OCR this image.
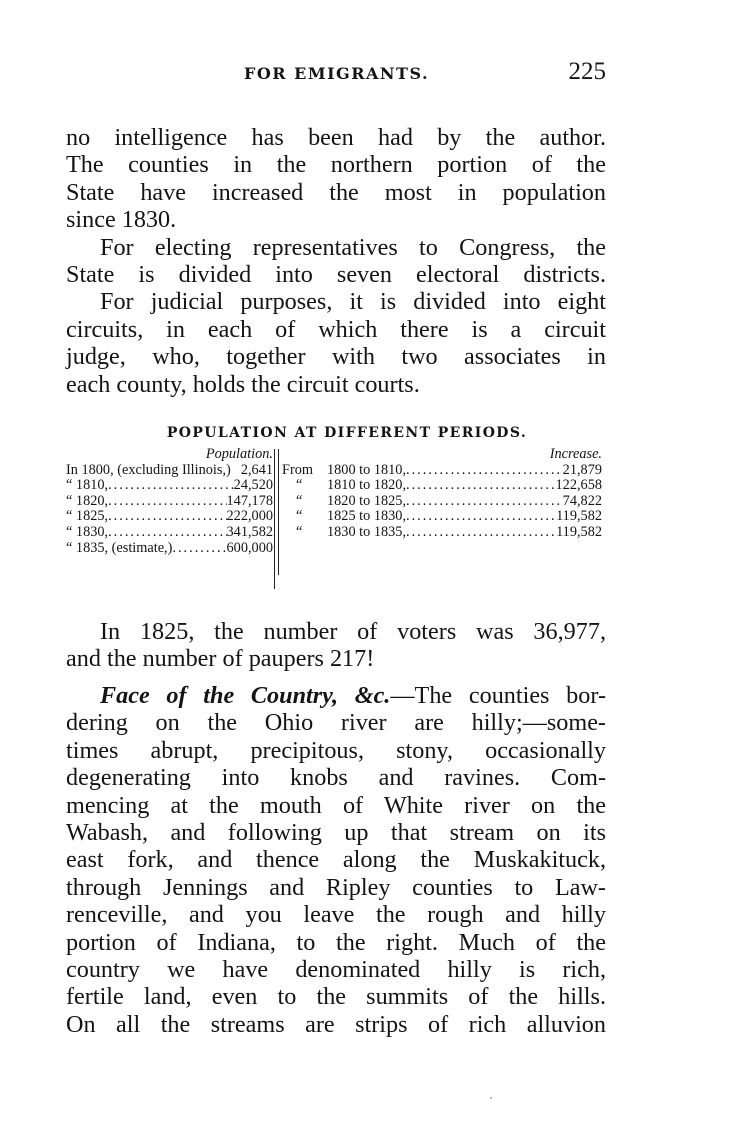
FOR EMIGRANTS.	225

no intelligence has been had by the author.
The counties in the northern portion of the
State have increased the most in population
since 1830.

For electing representatives to Congress, the
State is divided into seven electoral districts.

For judicial purposes, it is divided into eight
circuits, in each of which there is a circuit
judge, who, together with two associates in
each county, holds the circuit courts.

POPULATION AT DIFFERENT PERIODS.
Population.
In 1800, (excluding Illinois,) 2,641
“ 1810, .....	24,520
“ 1820, .....	147,178
“ 1825, .....	222,000
“ 1830, .....	341,582
“ 1835, (estimate,) .....	600,000
Increase.
From 1800 to 1810, .....	21,879
“ 1810 to 1820, .....	122,658
“ 1820 to 1825, .....	74,822
“ 1825 to 1830, .....	119,582
“ 1830 to 1835, .....	119,582

In 1825, the number of voters was 36,977,
and the number of paupers 217!

Face of the Country, &c.—The counties bor-
dering on the Ohio river are hilly;—some-
times abrupt, precipitous, stony, occasionally
degenerating into knobs and ravines. Com-
mencing at the mouth of White river on the
Wabash, and following up that stream on its
east fork, and thence along the Muskakituck,
through Jennings and Ripley counties to Law-
renceville, and you leave the rough and hilly
portion of Indiana, to the right. Much of the
country we have denominated hilly is rich,
fertile land, even to the summits of the hills.
On all the streams are strips of rich alluvion
